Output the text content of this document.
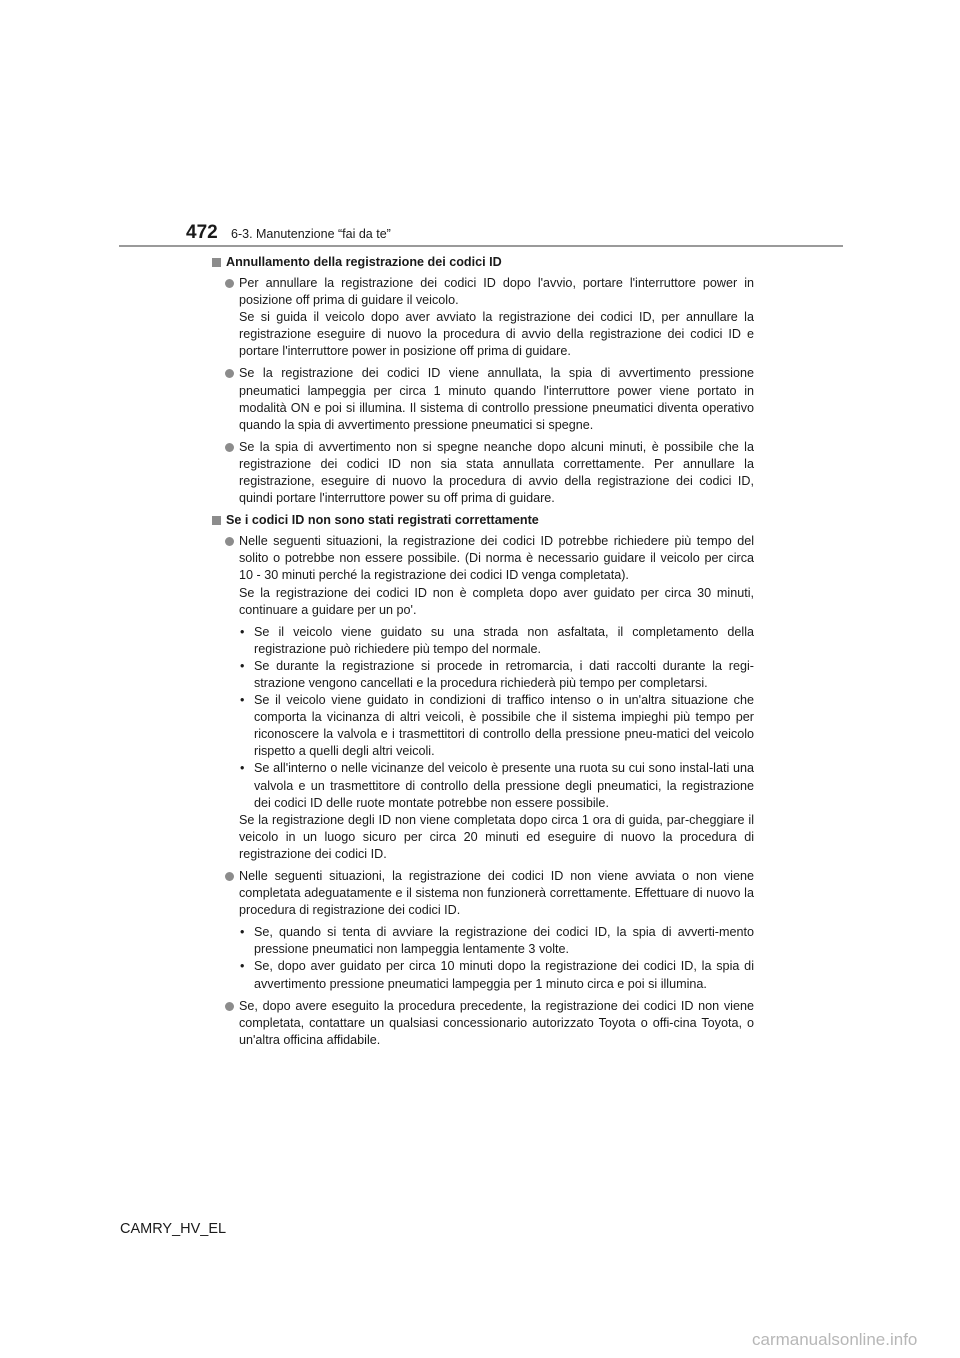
472 6-3. Manutenzione “fai da te”
Annullamento della registrazione dei codici ID

Per annullare la registrazione dei codici ID dopo l'avvio, portare l'interruttore power in posizione off prima di guidare il veicolo.

Se si guida il veicolo dopo aver avviato la registrazione dei codici ID, per annullare la registrazione eseguire di nuovo la procedura di avvio della registrazione dei codici ID e portare l'interruttore power in posizione off prima di guidare.

Se la registrazione dei codici ID viene annullata, la spia di avvertimento pressione pneumatici lampeggia per circa 1 minuto quando l'interruttore power viene portato in modalità ON e poi si illumina. Il sistema di controllo pressione pneumatici diventa operativo quando la spia di avvertimento pressione pneumatici si spegne.

Se la spia di avvertimento non si spegne neanche dopo alcuni minuti, è possibile che la registrazione dei codici ID non sia stata annullata correttamente. Per annullare la registrazione, eseguire di nuovo la procedura di avvio della registrazione dei codici ID, quindi portare l'interruttore power su off prima di guidare.

Se i codici ID non sono stati registrati correttamente

Nelle seguenti situazioni, la registrazione dei codici ID potrebbe richiedere più tempo del solito o potrebbe non essere possibile. (Di norma è necessario guidare il veicolo per circa 10 - 30 minuti perché la registrazione dei codici ID venga completata).

Se la registrazione dei codici ID non è completa dopo aver guidato per circa 30 minuti, continuare a guidare per un po'.

• Se il veicolo viene guidato su una strada non asfaltata, il completamento della registrazione può richiedere più tempo del normale.
• Se durante la registrazione si procede in retromarcia, i dati raccolti durante la regi-strazione vengono cancellati e la procedura richiederà più tempo per completarsi.
• Se il veicolo viene guidato in condizioni di traffico intenso o in un'altra situazione che comporta la vicinanza di altri veicoli, è possibile che il sistema impieghi più tempo per riconoscere la valvola e i trasmettitori di controllo della pressione pneu-matici del veicolo rispetto a quelli degli altri veicoli.
• Se all'interno o nelle vicinanze del veicolo è presente una ruota su cui sono instal-lati una valvola e un trasmettitore di controllo della pressione degli pneumatici, la registrazione dei codici ID delle ruote montate potrebbe non essere possibile.
Se la registrazione degli ID non viene completata dopo circa 1 ora di guida, par-cheggiare il veicolo in un luogo sicuro per circa 20 minuti ed eseguire di nuovo la procedura di registrazione dei codici ID.

Nelle seguenti situazioni, la registrazione dei codici ID non viene avviata o non viene completata adeguatamente e il sistema non funzionerà correttamente. Effettuare di nuovo la procedura di registrazione dei codici ID.

• Se, quando si tenta di avviare la registrazione dei codici ID, la spia di avverti-mento pressione pneumatici non lampeggia lentamente 3 volte.
• Se, dopo aver guidato per circa 10 minuti dopo la registrazione dei codici ID, la spia di avvertimento pressione pneumatici lampeggia per 1 minuto circa e poi si illumina.

Se, dopo avere eseguito la procedura precedente, la registrazione dei codici ID non viene completata, contattare un qualsiasi concessionario autorizzato Toyota o offi-cina Toyota, o un'altra officina affidabile.

CAMRY_HV_EL
carmanualsonline.info
